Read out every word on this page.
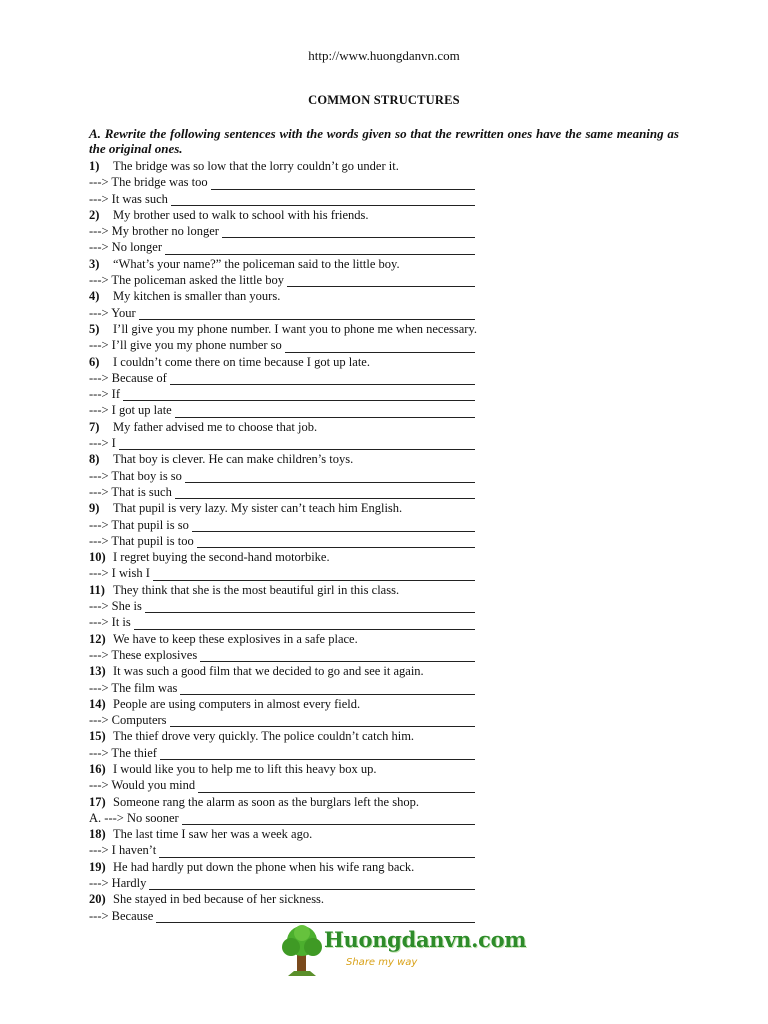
http://www.huongdanvn.com
COMMON STRUCTURES
A. Rewrite the following sentences with the words given so that the rewritten ones have the same meaning as the original ones.
1) The bridge was so low that the lorry couldn’t go under it.
---> The bridge was too
---> It was such
2) My brother used to walk to school with his friends.
---> My brother no longer
---> No longer
3) “What’s your name?” the policeman said to the little boy.
---> The policeman asked the little boy
4) My kitchen is smaller than yours.
---> Your
5) I’ll give you my phone number. I want you to phone me when necessary.
---> I’ll give you my phone number so
6) I couldn’t come there on time because I got up late.
---> Because of
---> If
---> I got up late
7) My father advised me to choose that job.
---> I
8) That boy is clever. He can make children’s toys.
---> That boy is so
---> That is such
9) That pupil is very lazy. My sister can’t teach him English.
---> That pupil is so
---> That pupil is too
10) I regret buying the second-hand motorbike.
---> I wish I
11) They think that she is the most beautiful girl in this class.
---> She is
---> It is
12) We have to keep these explosives in a safe place.
---> These explosives
13) It was such a good film that we decided to go and see it again.
---> The film was
14) People are using computers in almost every field.
---> Computers
15) The thief drove very quickly. The police couldn’t catch him.
---> The thief
16) I would like you to help me to lift this heavy box up.
---> Would you mind
17) Someone rang the alarm as soon as the burglars left the shop.
A. ---> No sooner
18) The last time I saw her was a week ago.
---> I haven’t
19) He had hardly put down the phone when his wife rang back.
---> Hardly
20) She stayed in bed because of her sickness.
---> Because
Huongdanvn.com
Share my way
